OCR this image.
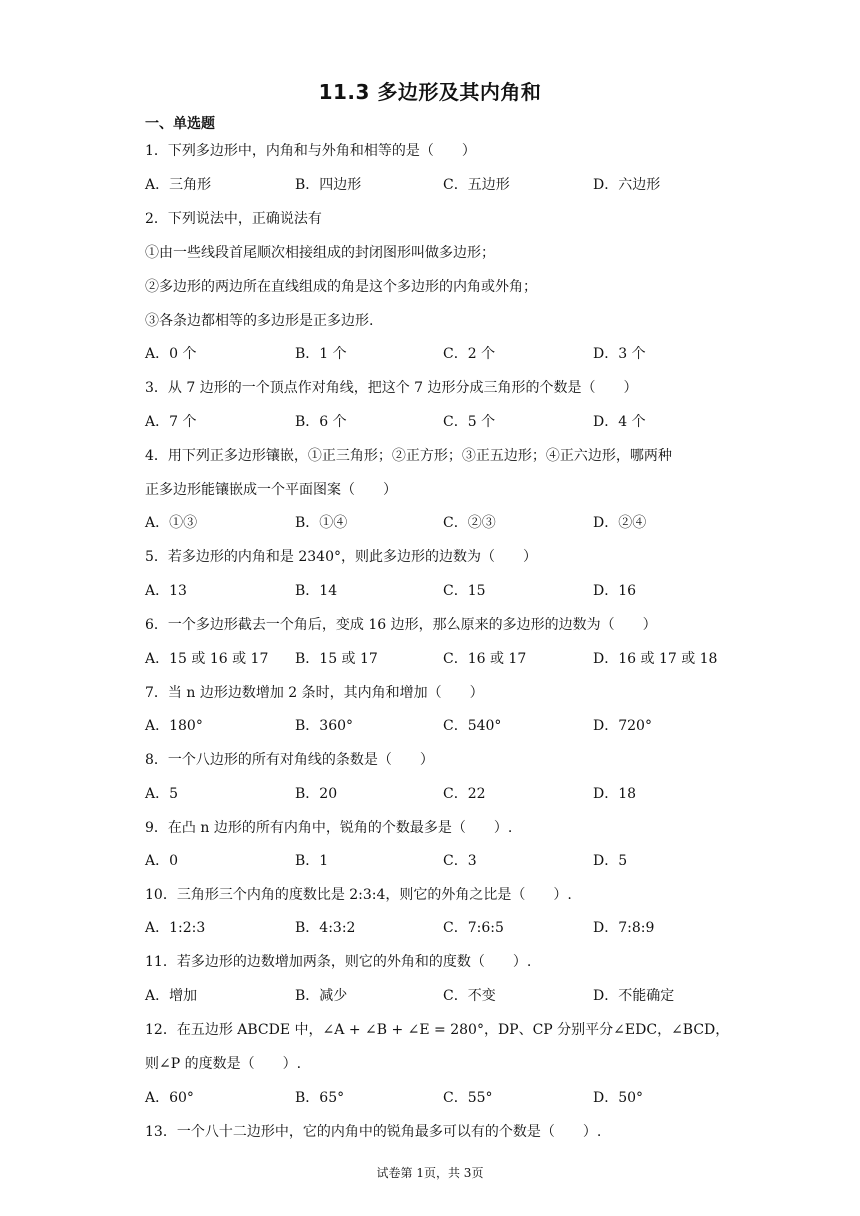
11.3 多边形及其内角和
一、单选题
1．下列多边形中，内角和与外角和相等的是（　　）
A．三角形	B．四边形	C．五边形	D．六边形
2．下列说法中，正确说法有
①由一些线段首尾顺次相接组成的封闭图形叫做多边形；
②多边形的两边所在直线组成的角是这个多边形的内角或外角；
③各条边都相等的多边形是正多边形.
A．0 个	B．1 个	C．2 个	D．3 个
3．从 7 边形的一个顶点作对角线，把这个 7 边形分成三角形的个数是（　　）
A．7 个	B．6 个	C．5 个	D．4 个
4．用下列正多边形镶嵌，①正三角形；②正方形；③正五边形；④正六边形，哪两种
正多边形能镶嵌成一个平面图案（　　）
A．①③	B．①④	C．②③	D．②④
5．若多边形的内角和是 2340°，则此多边形的边数为（　　）
A．13	B．14	C．15	D．16
6．一个多边形截去一个角后，变成 16 边形，那么原来的多边形的边数为（　　）
A．15 或 16 或 17 B．15 或 17	C．16 或 17	D．16 或 17 或 18
7．当 n 边形边数增加 2 条时，其内角和增加（　　）
A．180°	B．360°	C．540°	D．720°
8．一个八边形的所有对角线的条数是（　　）
A．5	B．20	C．22	D．18
9．在凸 n 边形的所有内角中，锐角的个数最多是（　　）.
A．0	B．1	C．3	D．5
10．三角形三个内角的度数比是 2:3:4，则它的外角之比是（　　）.
A．1:2:3	B．4:3:2	C．7:6:5	D．7:8:9
11．若多边形的边数增加两条，则它的外角和的度数（　　）.
A．增加	B．减少	C．不变	D．不能确定
12．在五边形 ABCDE 中，∠A + ∠B + ∠E = 280°，DP、CP 分别平分∠EDC，∠BCD，
则∠P 的度数是（　　）.
A．60°	B．65°	C．55°	D．50°
13．一个八十二边形中，它的内角中的锐角最多可以有的个数是（　　）.
试卷第 1页，共 3页
